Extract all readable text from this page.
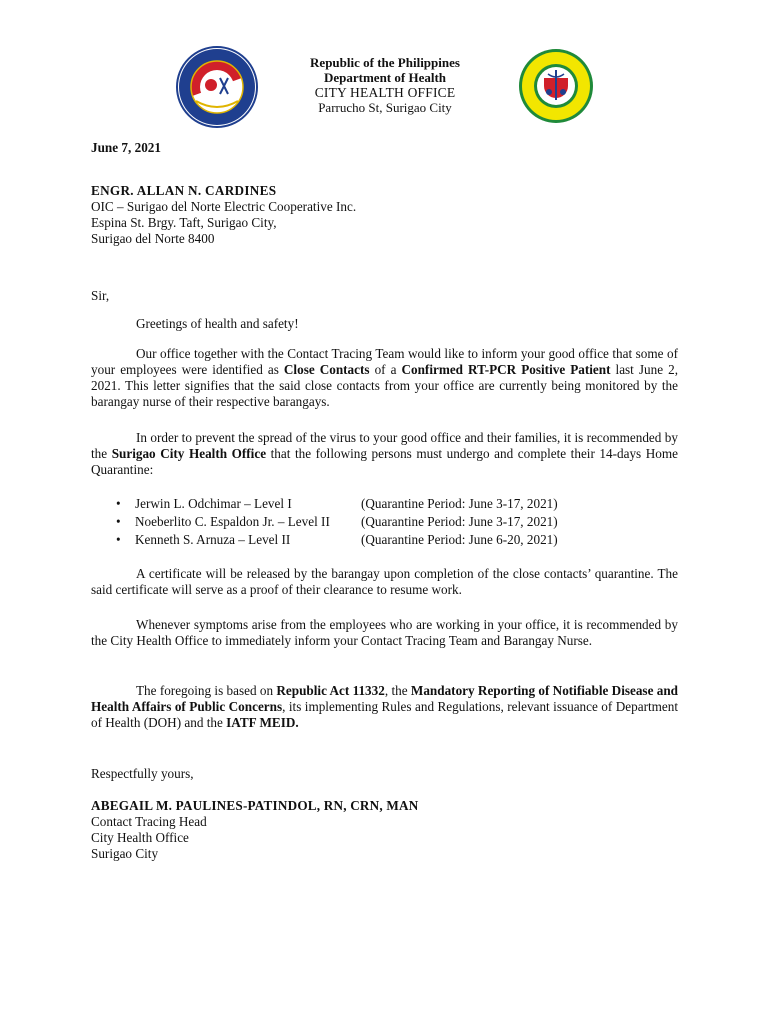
Republic of the Philippines
Department of Health
CITY HEALTH OFFICE
Parrucho St, Surigao City
June 7, 2021
ENGR. ALLAN N. CARDINES
OIC – Surigao del Norte Electric Cooperative Inc.
Espina St. Brgy. Taft, Surigao City,
Surigao del Norte 8400
Sir,
Greetings of health and safety!
Our office together with the Contact Tracing Team would like to inform your good office that some of your employees were identified as Close Contacts of a Confirmed RT-PCR Positive Patient last June 2, 2021. This letter signifies that the said close contacts from your office are currently being monitored by the barangay nurse of their respective barangays.
In order to prevent the spread of the virus to your good office and their families, it is recommended by the Surigao City Health Office that the following persons must undergo and complete their 14-days Home Quarantine:
• Jerwin L. Odchimar – Level I	(Quarantine Period: June 3-17, 2021)
• Noeberlito C. Espaldon Jr. – Level II (Quarantine Period: June 3-17, 2021)
• Kenneth S. Arnuza – Level II	(Quarantine Period: June 6-20, 2021)
A certificate will be released by the barangay upon completion of the close contacts’ quarantine. The said certificate will serve as a proof of their clearance to resume work.
Whenever symptoms arise from the employees who are working in your office, it is recommended by the City Health Office to immediately inform your Contact Tracing Team and Barangay Nurse.
The foregoing is based on Republic Act 11332, the Mandatory Reporting of Notifiable Disease and Health Affairs of Public Concerns, its implementing Rules and Regulations, relevant issuance of Department of Health (DOH) and the IATF MEID.
Respectfully yours,
ABEGAIL M. PAULINES-PATINDOL, RN, CRN, MAN
Contact Tracing Head
City Health Office
Surigao City
